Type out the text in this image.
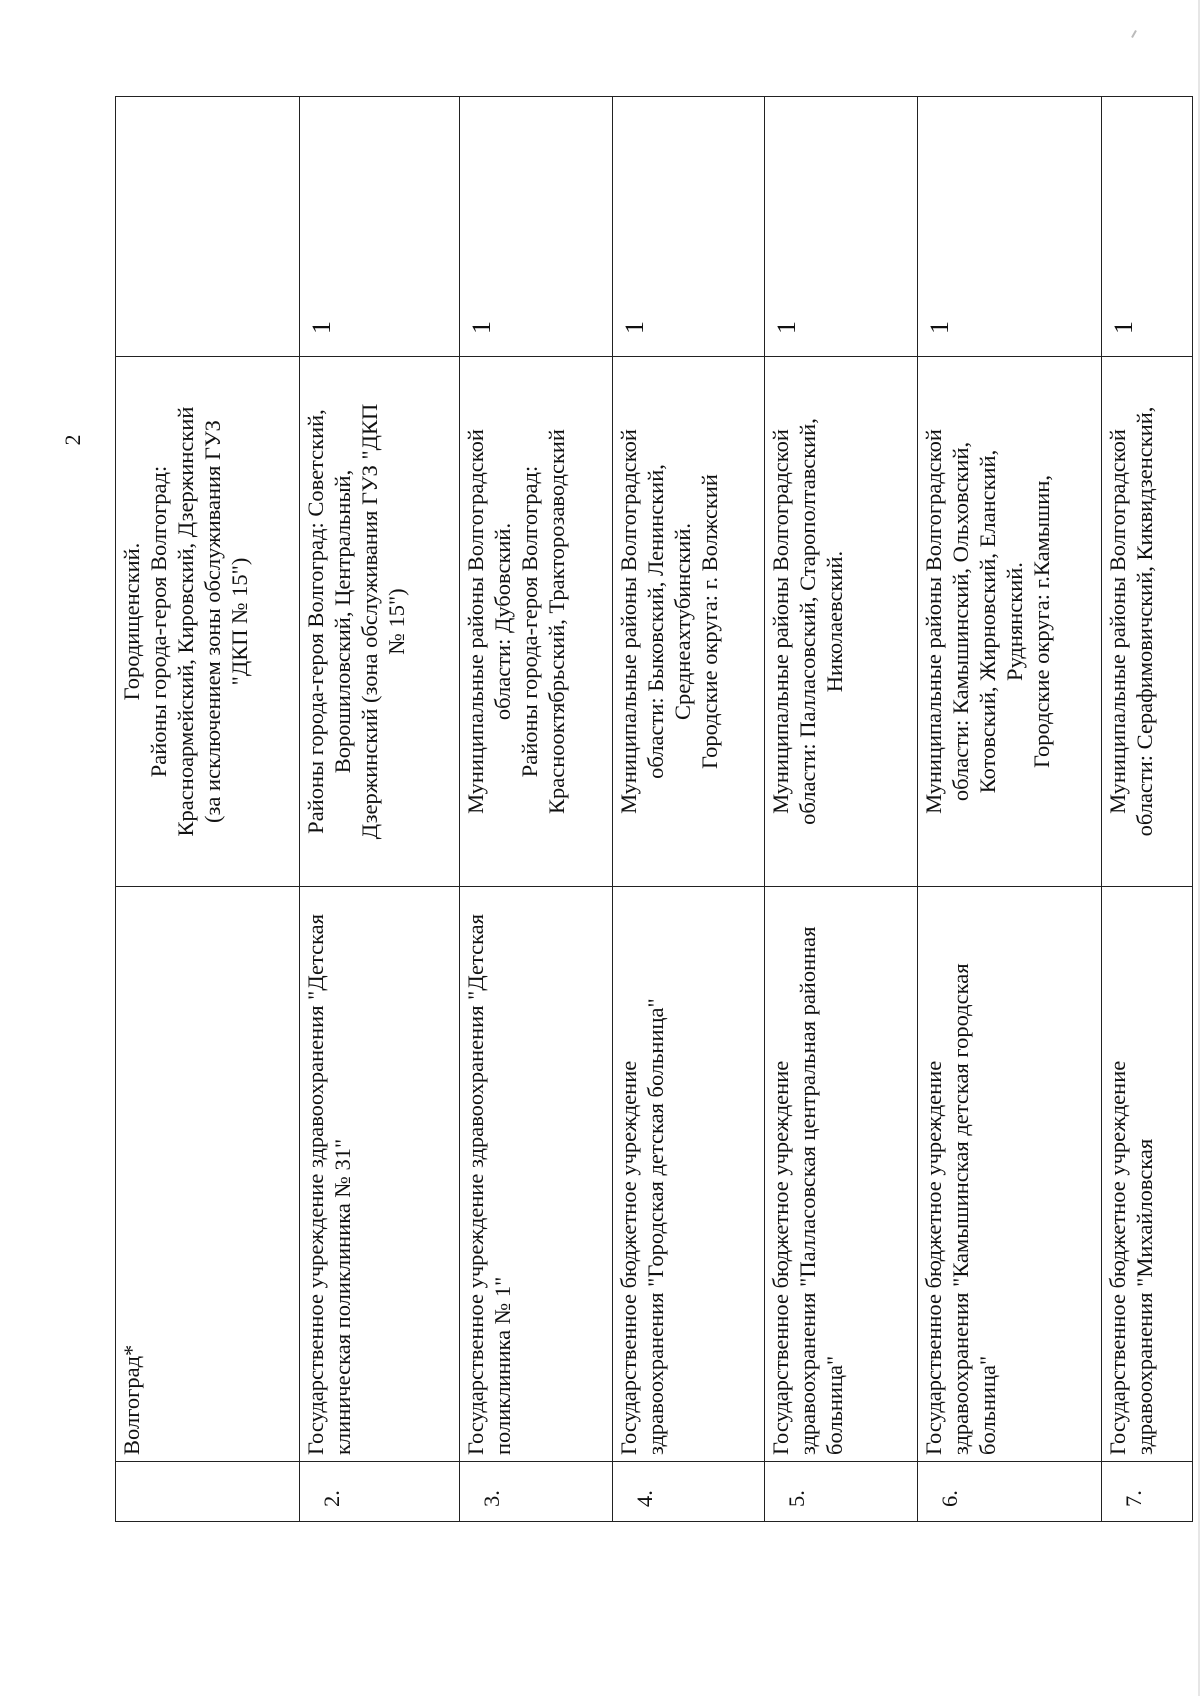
2
	Волгоград*	Городищенский. Районы города-героя Волгоград: Красноармейский, Кировский, Дзержинский (за исключением зоны обслуживания ГУЗ "ДКП № 15")	

2.	Государственное учреждение здравоохранения "Детская клиническая поликлиника № 31"	Районы города-героя Волгоград: Советский, Ворошиловский, Центральный, Дзержинский (зона обслуживания ГУЗ "ДКП № 15")	1
3.	Государственное учреждение здравоохранения "Детская поликлиника № 1"	Муниципальные районы Волгоградской области: Дубовский. Районы города-героя Волгоград: Краснооктябрьский, Тракторозаводский	1
4.	Государственное бюджетное учреждение здравоохранения "Городская детская больница"	Муниципальные районы Волгоградской области: Быковский, Ленинский, Среднеахтубинский. Городские округа: г. Волжский	1
5.	Государственное бюджетное учреждение здравоохранения "Палласовская центральная районная больница"	Муниципальные районы Волгоградской области: Палласовский, Старополтавский, Николаевский.	1
6.	Государственное бюджетное учреждение здравоохранения "Камышинская детская городская больница"	Муниципальные районы Волгоградской области: Камышинский, Ольховский, Котовский, Жирновский, Еланский, Руднянский. Городские округа: г.Камышин,	1
7.	Государственное бюджетное учреждение здравоохранения "Михайловская	Муниципальные районы Волгоградской области: Серафимовичский, Киквидзенский,	1
